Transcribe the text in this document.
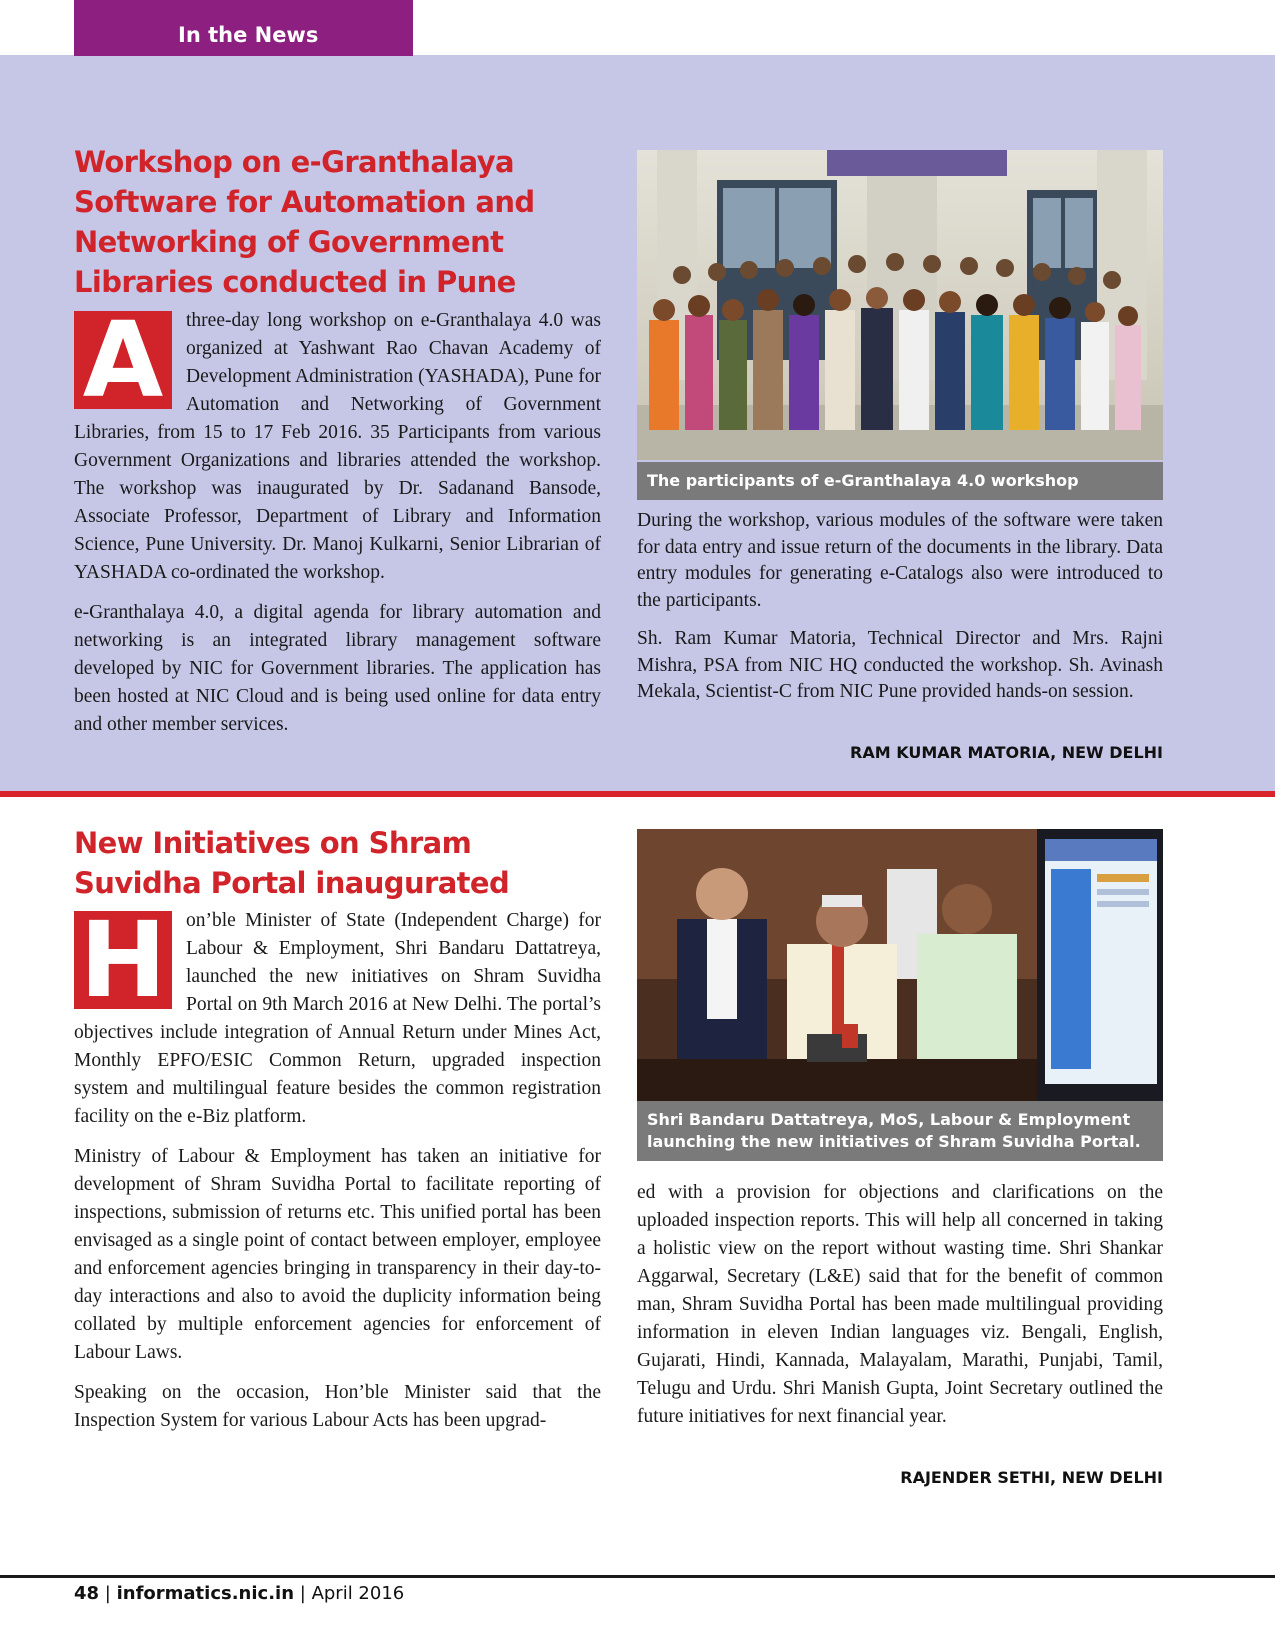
In the News
Workshop on e-Granthalaya Software for Automation and Networking of Government Libraries conducted in Pune

A	three-day long workshop on e-Granthalaya 4.0 was organized at Yashwant Rao Chavan Academy of Development Administration (YASHADA), Pune for Automation and Networking of Government Libraries, from 15 to 17 Feb 2016. 35 Participants from various Government Organizations and libraries attended the workshop. The workshop was inaugurated by Dr. Sadanand Bansode, Associate Professor, Department of Library and Information Science, Pune University. Dr. Manoj Kulkarni, Senior Librarian of YASHADA co-ordinated the workshop.

e-Granthalaya 4.0, a digital agenda for library automation and networking is an integrated library management software developed by NIC for Government libraries. The application has been hosted at NIC Cloud and is being used online for data entry and other member services.

The participants of e-Granthalaya 4.0 workshop

During the workshop, various modules of the software were taken for data entry and issue return of the documents in the library. Data entry modules for generating e-Catalogs also were introduced to the participants.

Sh. Ram Kumar Matoria, Technical Director and Mrs. Rajni Mishra, PSA from NIC HQ conducted the workshop. Sh. Avinash Mekala, Scientist-C from NIC Pune provided hands-on session.

RAM KUMAR MATORIA, NEW DELHI
New Initiatives on Shram Suvidha Portal inaugurated

H on’ble Minister of State (Independent Charge) for Labour & Employment, Shri Bandaru Dattatreya, launched the new initiatives on Shram Suvidha Portal on 9th March 2016 at New Delhi. The portal’s objectives include integration of Annual Return under Mines Act, Monthly EPFO/ESIC Common Return, upgraded inspection system and multilingual feature besides the common registration facility on the e-Biz platform.

Ministry of Labour & Employment has taken an initiative for development of Shram Suvidha Portal to facilitate reporting of inspections, submission of returns etc. This unified portal has been envisaged as a single point of contact between employer, employee and enforcement agencies bringing in transparency in their day-to-day interactions and also to avoid the duplicity information being collated by multiple enforcement agencies for enforcement of Labour Laws.

Speaking on the occasion, Hon’ble Minister said that the Inspection System for various Labour Acts has been upgrad-

Shri Bandaru Dattatreya, MoS, Labour & Employment launching the new initiatives of Shram Suvidha Portal.

ed with a provision for objections and clarifications on the uploaded inspection reports. This will help all concerned in taking a holistic view on the report without wasting time. Shri Shankar Aggarwal, Secretary (L&E) said that for the benefit of common man, Shram Suvidha Portal has been made multilingual providing information in eleven Indian languages viz. Bengali, English, Gujarati, Hindi, Kannada, Malayalam, Marathi, Punjabi, Tamil, Telugu and Urdu. Shri Manish Gupta, Joint Secretary outlined the future initiatives for next financial year.

RAJENDER SETHI, NEW DELHI
48 | informatics.nic.in | April 2016
